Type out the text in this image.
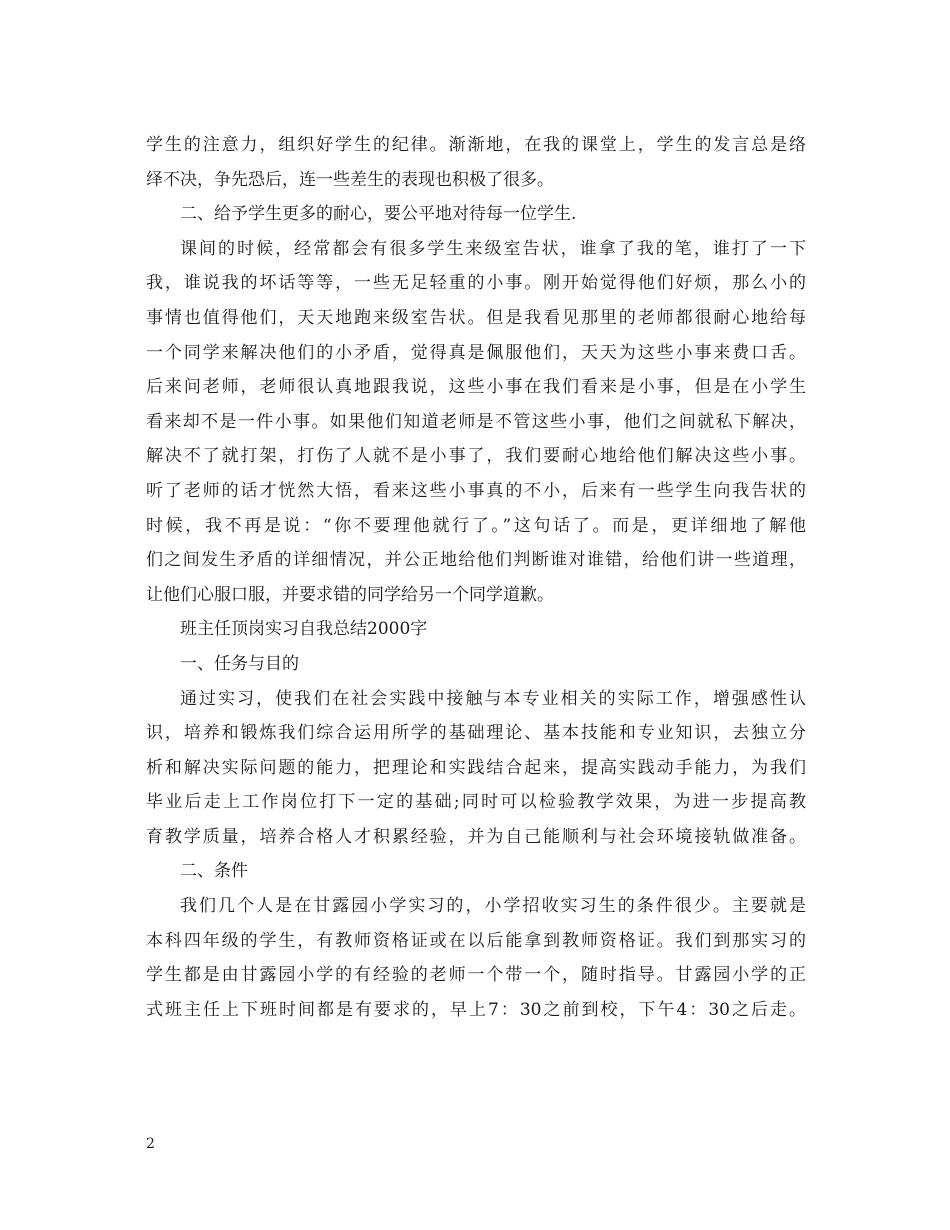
学生的注意力，组织好学生的纪律。渐渐地，在我的课堂上，学生的发言总是络
绎不决，争先恐后，连一些差生的表现也积极了很多。
二、给予学生更多的耐心，要公平地对待每一位学生.
课间的时候，经常都会有很多学生来级室告状，谁拿了我的笔，谁打了一下
我，谁说我的坏话等等，一些无足轻重的小事。刚开始觉得他们好烦，那么小的
事情也值得他们，天天地跑来级室告状。但是我看见那里的老师都很耐心地给每
一个同学来解决他们的小矛盾，觉得真是佩服他们，天天为这些小事来费口舌。
后来问老师，老师很认真地跟我说，这些小事在我们看来是小事，但是在小学生
看来却不是一件小事。如果他们知道老师是不管这些小事，他们之间就私下解决，
解决不了就打架，打伤了人就不是小事了，我们要耐心地给他们解决这些小事。
听了老师的话才恍然大悟，看来这些小事真的不小，后来有一些学生向我告状的
时候，我不再是说：“你不要理他就行了。”这句话了。而是，更详细地了解他
们之间发生矛盾的详细情况，并公正地给他们判断谁对谁错，给他们讲一些道理，
让他们心服口服，并要求错的同学给另一个同学道歉。
班主任顶岗实习自我总结2000字
一、任务与目的
通过实习，使我们在社会实践中接触与本专业相关的实际工作，增强感性认
识，培养和锻炼我们综合运用所学的基础理论、基本技能和专业知识，去独立分
析和解决实际问题的能力，把理论和实践结合起来，提高实践动手能力，为我们
毕业后走上工作岗位打下一定的基础;同时可以检验教学效果，为进一步提高教
育教学质量，培养合格人才积累经验，并为自己能顺利与社会环境接轨做准备。
二、条件
我们几个人是在甘露园小学实习的，小学招收实习生的条件很少。主要就是
本科四年级的学生，有教师资格证或在以后能拿到教师资格证。我们到那实习的
学生都是由甘露园小学的有经验的老师一个带一个，随时指导。甘露园小学的正
式班主任上下班时间都是有要求的，早上7：30之前到校，下午4：30之后走。
2
